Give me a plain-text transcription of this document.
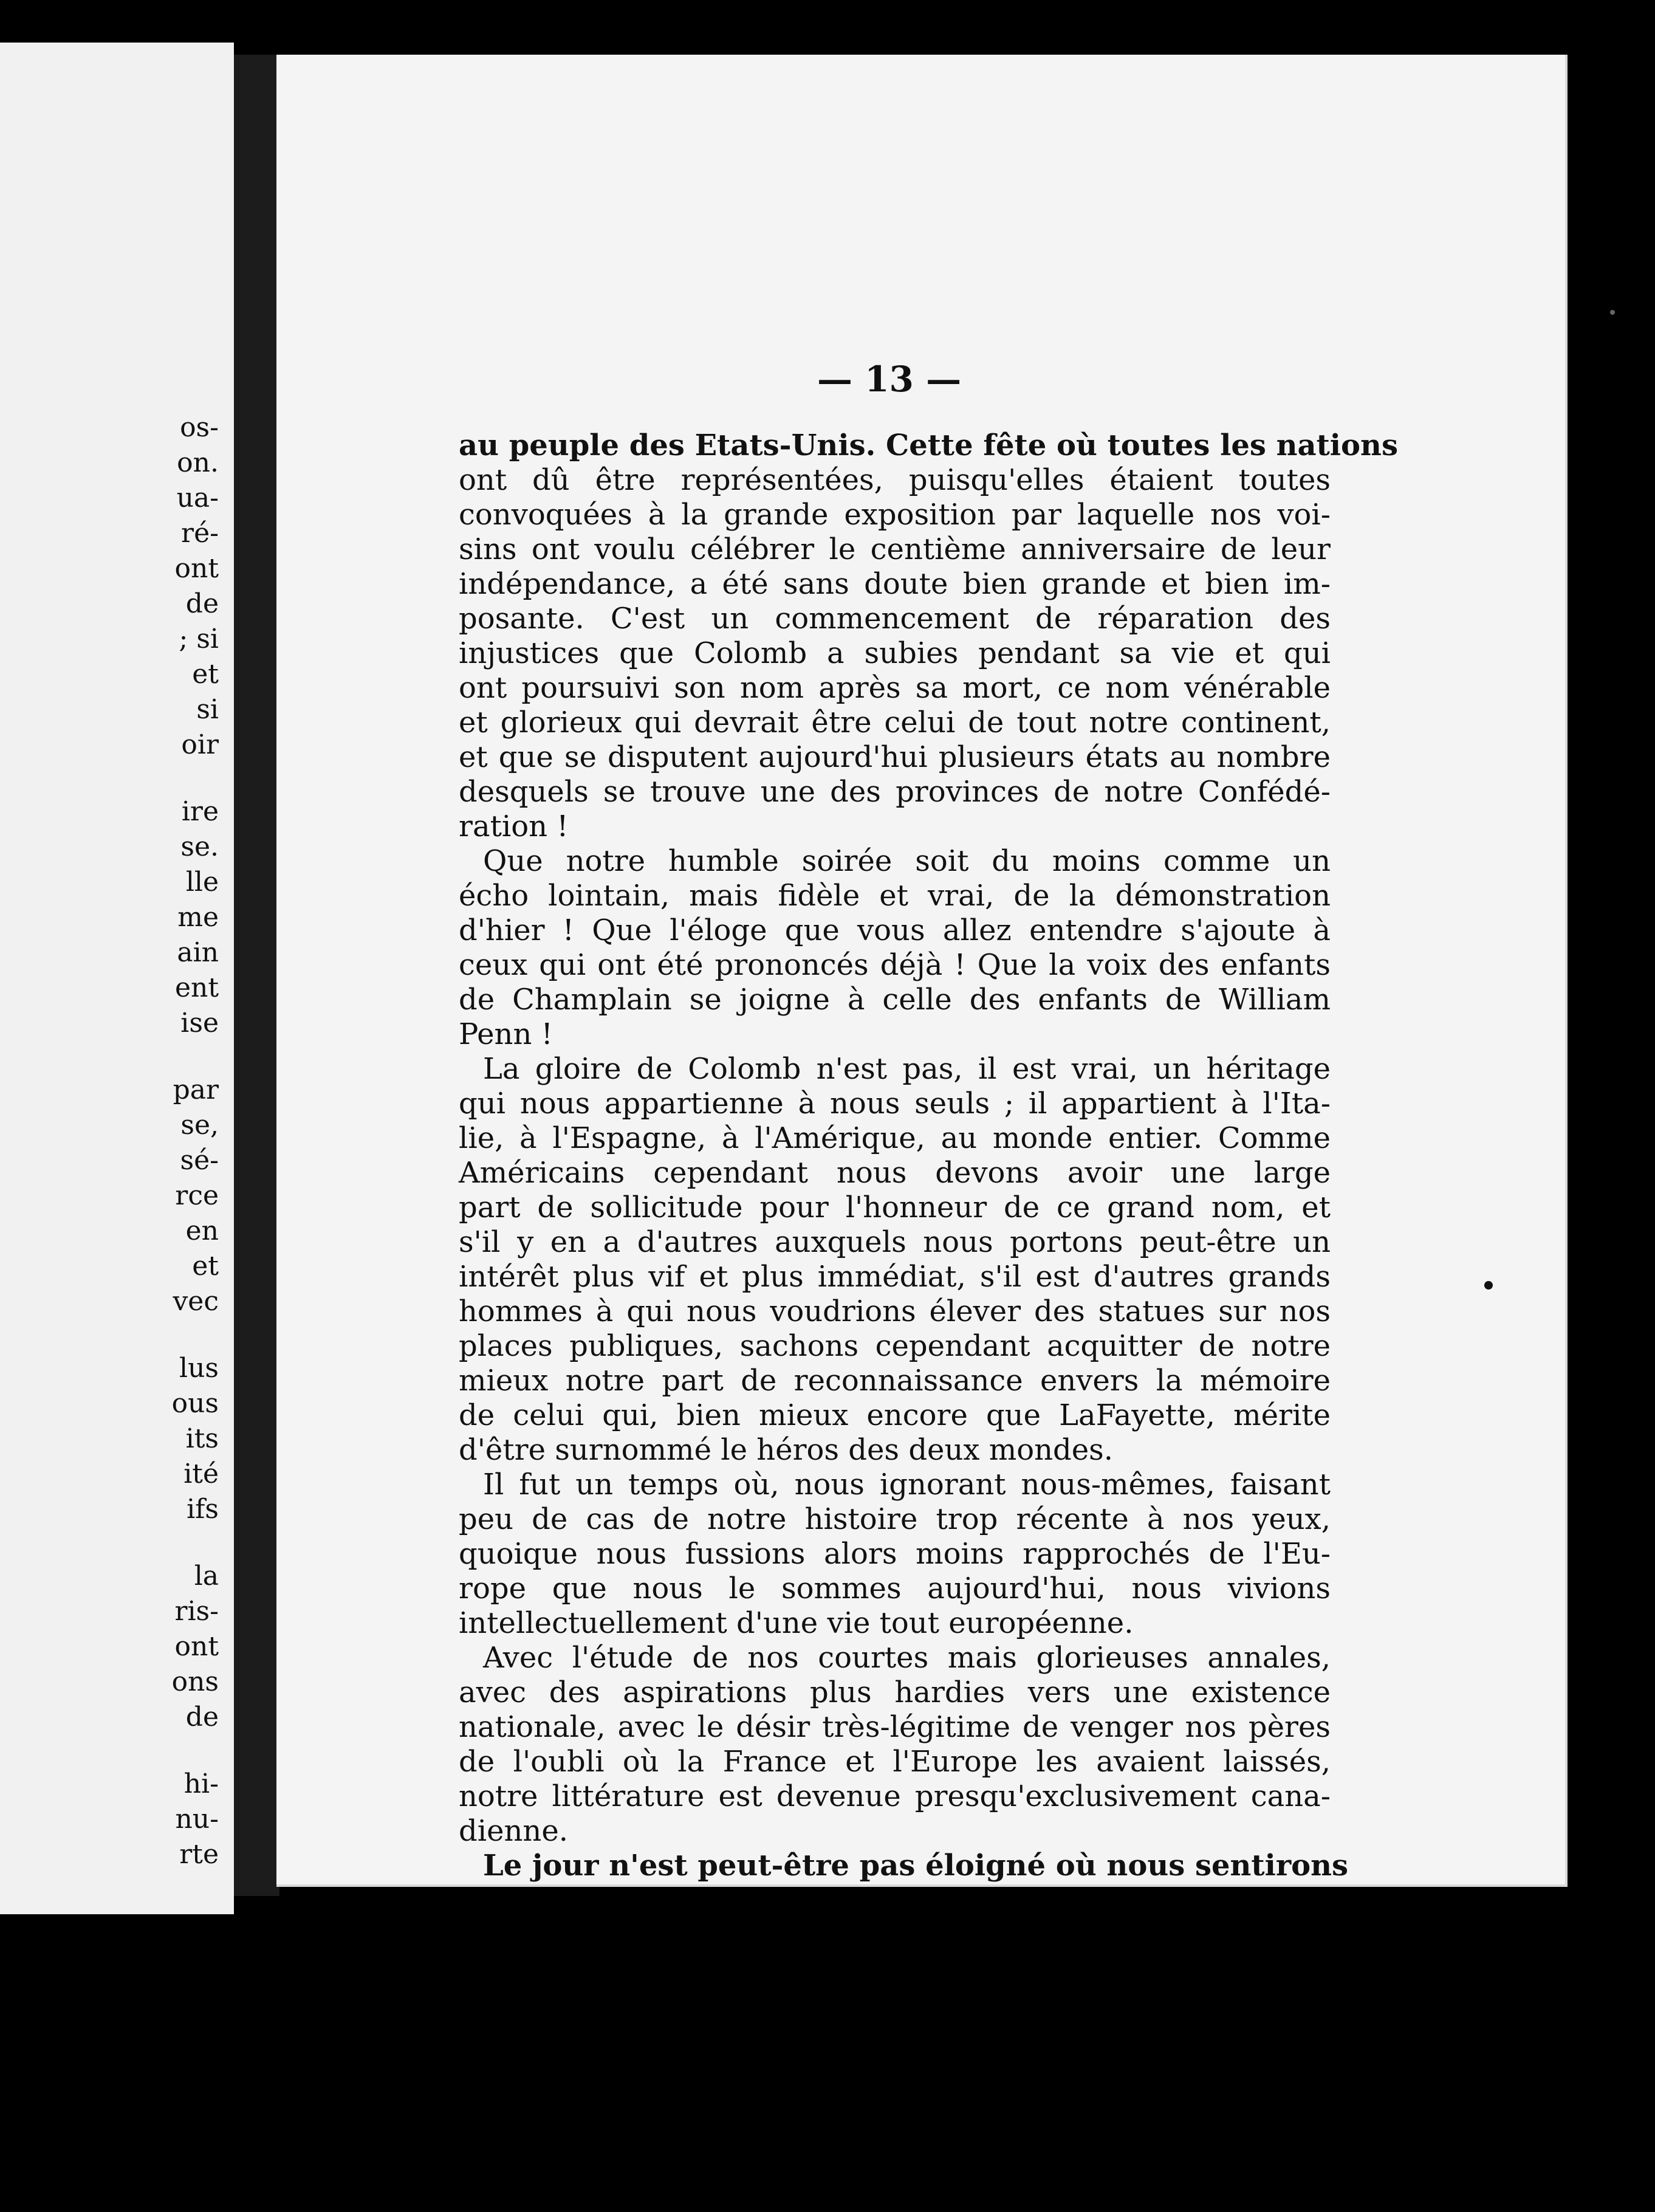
os-
on.
ua-
ré-
ont
de
; si
et
si
oir
ire
se.
lle
me
ain
ent
ise
par
se,
sé-
rce
en
et
vec
lus
ous
its
ité
ifs
la
ris-
ont
ons
de
hi-
nu-
rte
— 13 —
au peuple des Etats-Unis. Cette fête où toutes les nations
ont dû être représentées, puisqu'elles étaient toutes
convoquées à la grande exposition par laquelle nos voi-
sins ont voulu célébrer le centième anniversaire de leur
indépendance, a été sans doute bien grande et bien im-
posante. C'est un commencement de réparation des
injustices que Colomb a subies pendant sa vie et qui
ont poursuivi son nom après sa mort, ce nom vénérable
et glorieux qui devrait être celui de tout notre continent,
et que se disputent aujourd'hui plusieurs états au nombre
desquels se trouve une des provinces de notre Confédé-
ration !
Que notre humble soirée soit du moins comme un
écho lointain, mais fidèle et vrai, de la démonstration
d'hier ! Que l'éloge que vous allez entendre s'ajoute à
ceux qui ont été prononcés déjà ! Que la voix des enfants
de Champlain se joigne à celle des enfants de William
Penn !
La gloire de Colomb n'est pas, il est vrai, un héritage
qui nous appartienne à nous seuls ; il appartient à l'Ita-
lie, à l'Espagne, à l'Amérique, au monde entier. Comme
Américains cependant nous devons avoir une large
part de sollicitude pour l'honneur de ce grand nom, et
s'il y en a d'autres auxquels nous portons peut-être un
intérêt plus vif et plus immédiat, s'il est d'autres grands
hommes à qui nous voudrions élever des statues sur nos
places publiques, sachons cependant acquitter de notre
mieux notre part de reconnaissance envers la mémoire
de celui qui, bien mieux encore que LaFayette, mérite
d'être surnommé le héros des deux mondes.
Il fut un temps où, nous ignorant nous-mêmes, faisant
peu de cas de notre histoire trop récente à nos yeux,
quoique nous fussions alors moins rapprochés de l'Eu-
rope que nous le sommes aujourd'hui, nous vivions
intellectuellement d'une vie tout européenne.
Avec l'étude de nos courtes mais glorieuses annales,
avec des aspirations plus hardies vers une existence
nationale, avec le désir très-légitime de venger nos pères
de l'oubli où la France et l'Europe les avaient laissés,
notre littérature est devenue presqu'exclusivement cana-
dienne.
Le jour n'est peut-être pas éloigné où nous sentirons
